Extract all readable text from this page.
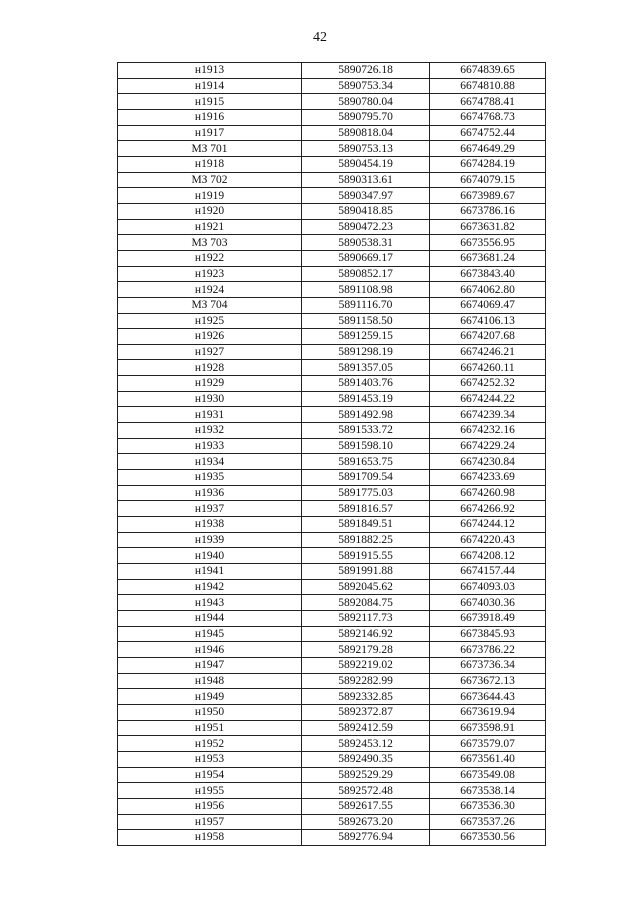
42
н1913	5890726.18	6674839.65
н1914	5890753.34	6674810.88
н1915	5890780.04	6674788.41
н1916	5890795.70	6674768.73
н1917	5890818.04	6674752.44
МЗ 701	5890753.13	6674649.29
н1918	5890454.19	6674284.19
МЗ 702	5890313.61	6674079.15
н1919	5890347.97	6673989.67
н1920	5890418.85	6673786.16
н1921	5890472.23	6673631.82
МЗ 703	5890538.31	6673556.95
н1922	5890669.17	6673681.24
н1923	5890852.17	6673843.40
н1924	5891108.98	6674062.80
МЗ 704	5891116.70	6674069.47
н1925	5891158.50	6674106.13
н1926	5891259.15	6674207.68
н1927	5891298.19	6674246.21
н1928	5891357.05	6674260.11
н1929	5891403.76	6674252.32
н1930	5891453.19	6674244.22
н1931	5891492.98	6674239.34
н1932	5891533.72	6674232.16
н1933	5891598.10	6674229.24
н1934	5891653.75	6674230.84
н1935	5891709.54	6674233.69
н1936	5891775.03	6674260.98
н1937	5891816.57	6674266.92
н1938	5891849.51	6674244.12
н1939	5891882.25	6674220.43
н1940	5891915.55	6674208.12
н1941	5891991.88	6674157.44
н1942	5892045.62	6674093.03
н1943	5892084.75	6674030.36
н1944	5892117.73	6673918.49
н1945	5892146.92	6673845.93
н1946	5892179.28	6673786.22
н1947	5892219.02	6673736.34
н1948	5892282.99	6673672.13
н1949	5892332.85	6673644.43
н1950	5892372.87	6673619.94
н1951	5892412.59	6673598.91
н1952	5892453.12	6673579.07
н1953	5892490.35	6673561.40
н1954	5892529.29	6673549.08
н1955	5892572.48	6673538.14
н1956	5892617.55	6673536.30
н1957	5892673.20	6673537.26
н1958	5892776.94	6673530.56
